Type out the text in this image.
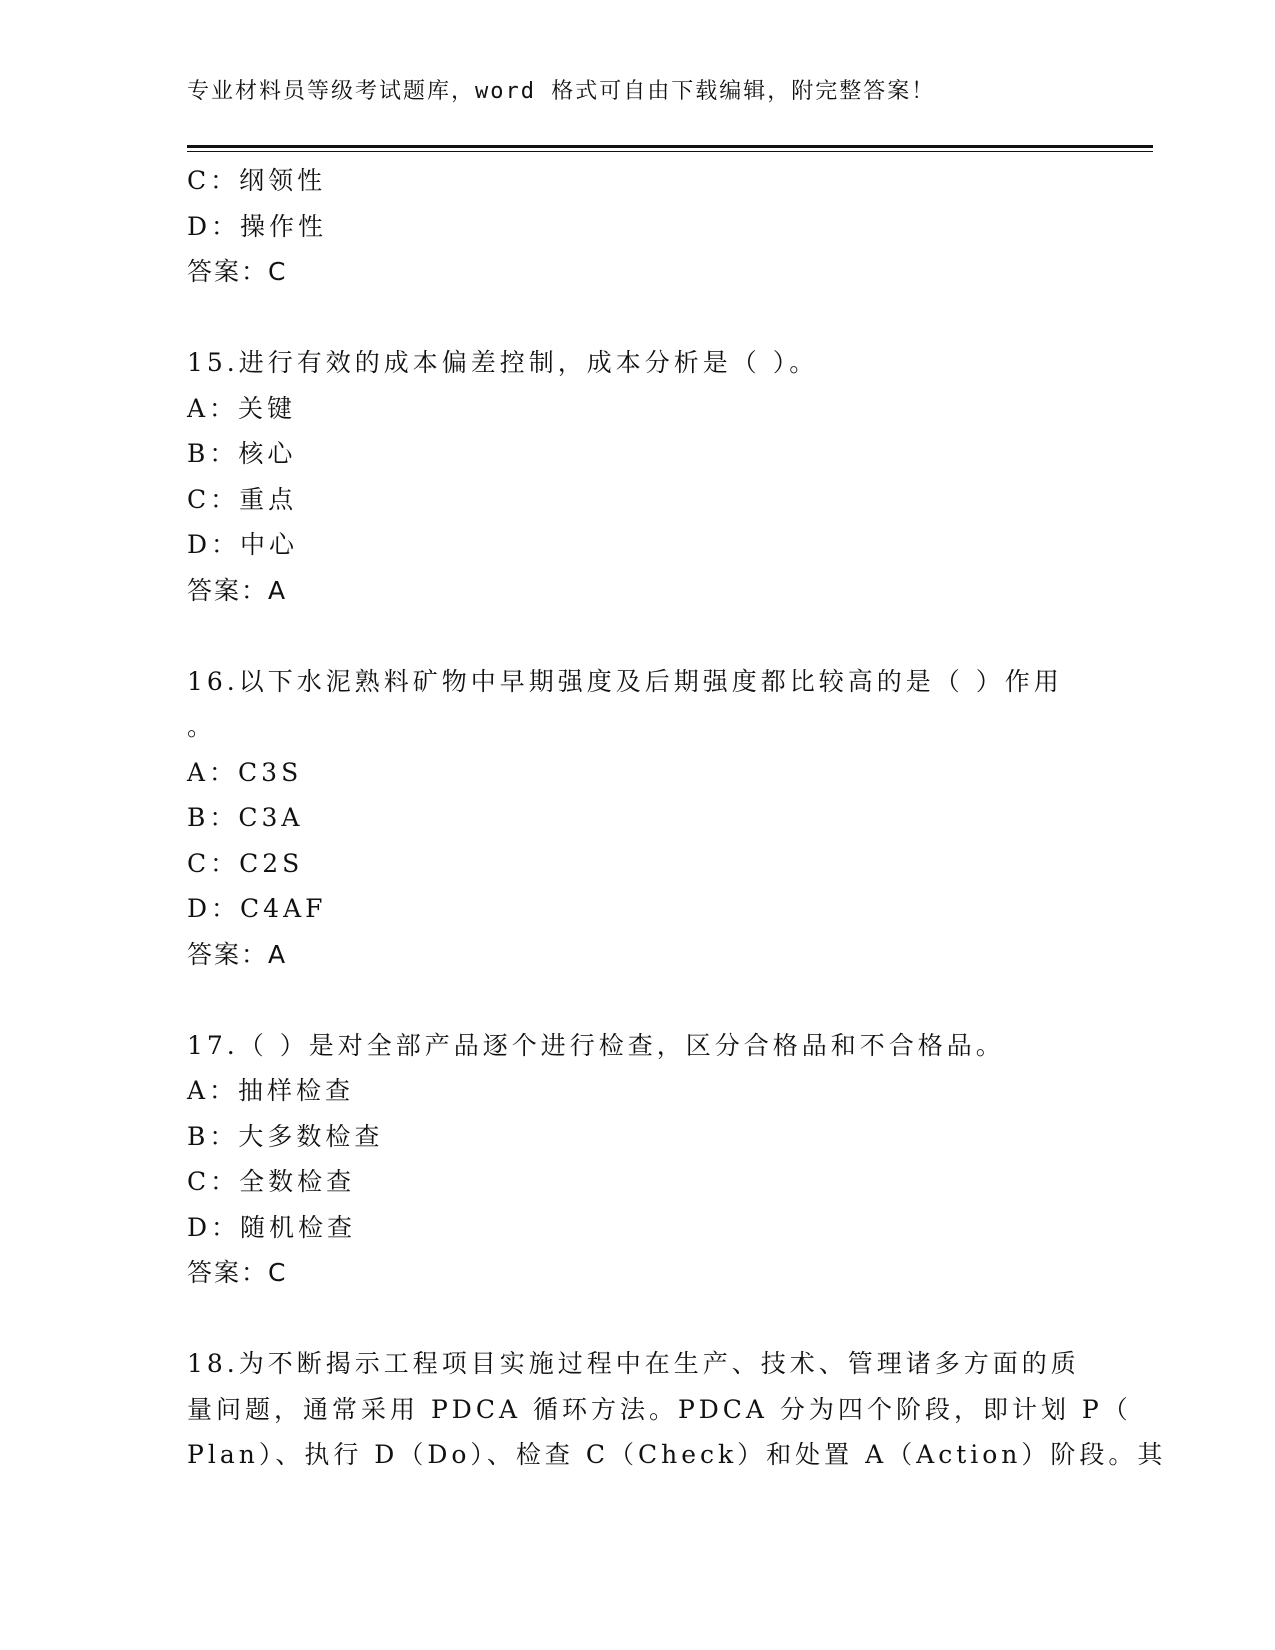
专业材料员等级考试题库，word 格式可自由下载编辑，附完整答案！
C：纲领性
D：操作性
答案：C
15.进行有效的成本偏差控制，成本分析是（ ）。
A：关键
B：核心
C：重点
D：中心
答案：A
16.以下水泥熟料矿物中早期强度及后期强度都比较高的是（ ）作用
。
A：C3S
B：C3A
C：C2S
D：C4AF
答案：A
17.（ ）是对全部产品逐个进行检查，区分合格品和不合格品。
A：抽样检查
B：大多数检查
C：全数检查
D：随机检查
答案：C
18.为不断揭示工程项目实施过程中在生产、技术、管理诸多方面的质
量问题，通常采用 PDCA 循环方法。PDCA 分为四个阶段，即计划 P（
Plan）、执行 D（Do）、检查 C（Check）和处置 A（Action）阶段。其
